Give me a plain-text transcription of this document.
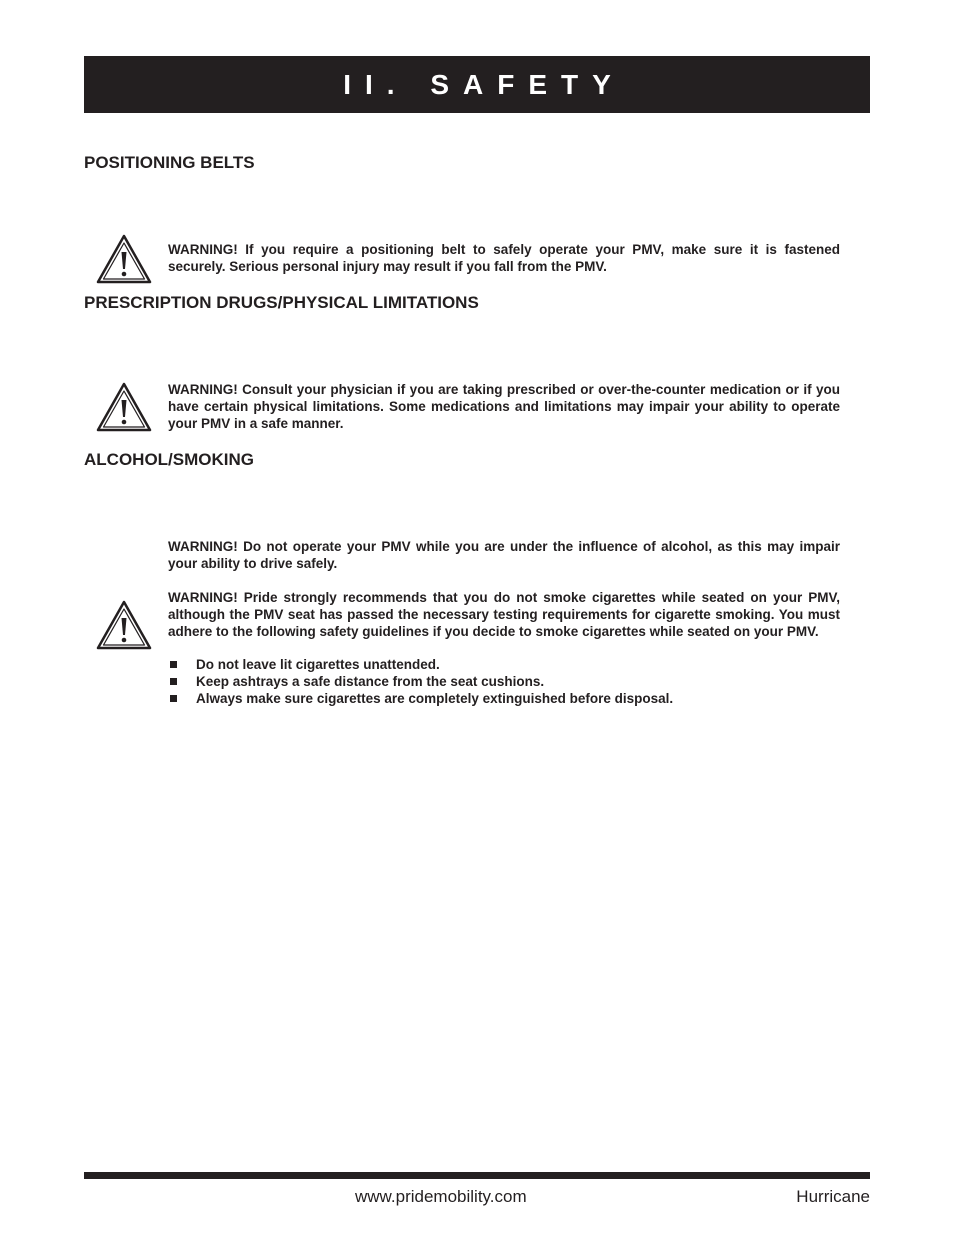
II. SAFETY
POSITIONING BELTS

WARNING! If you require a positioning belt to safely operate your PMV, make sure it is fastened securely. Serious personal injury may result if you fall from the PMV.

PRESCRIPTION DRUGS/PHYSICAL LIMITATIONS

WARNING! Consult your physician if you are taking prescribed or over-the-counter medication or if you have certain physical limitations. Some medications and limitations may impair your ability to operate your PMV in a safe manner.

ALCOHOL/SMOKING

WARNING! Do not operate your PMV while you are under the influence of alcohol, as this may impair your ability to drive safely.

WARNING! Pride strongly recommends that you do not smoke cigarettes while seated on your PMV, although the PMV seat has passed the necessary testing requirements for cigarette smoking. You must adhere to the following safety guidelines if you decide to smoke cigarettes while seated on your PMV.

Do not leave lit cigarettes unattended.
Keep ashtrays a safe distance from the seat cushions.
Always make sure cigarettes are completely extinguished before disposal.
www.pridemobility.com	Hurricane
